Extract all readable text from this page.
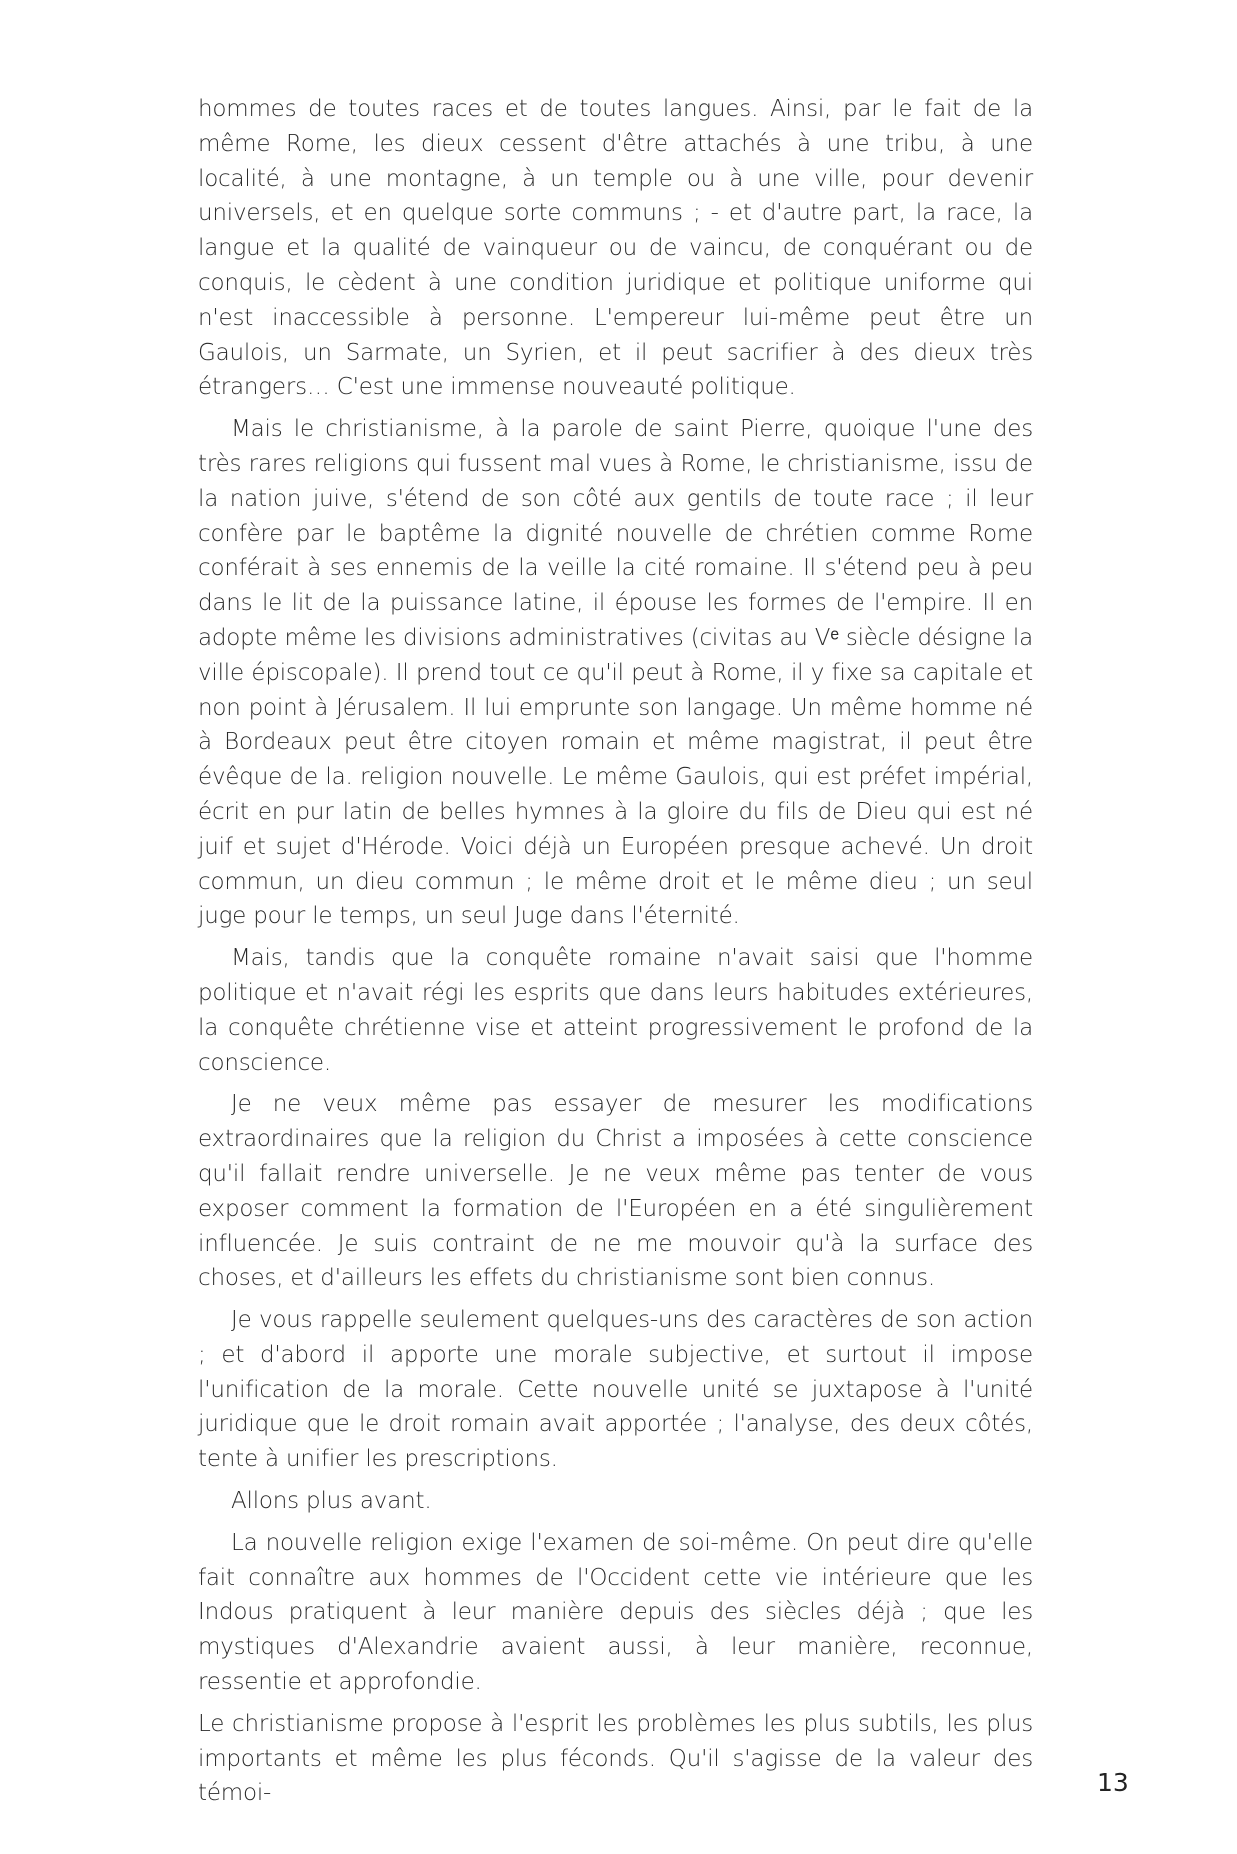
hommes de toutes races et de toutes langues. Ainsi, par le fait de la même Rome, les dieux cessent d'être attachés à une tribu, à une localité, à une montagne, à un temple ou à une ville, pour devenir universels, et en quelque sorte communs ; - et d'autre part, la race, la langue et la qualité de vainqueur ou de vaincu, de conquérant ou de conquis, le cèdent à une condition juridique et politique uniforme qui n'est inaccessible à personne. L'empereur lui-même peut être un Gaulois, un Sarmate, un Syrien, et il peut sacrifier à des dieux très étrangers… C'est une immense nouveauté politique.

Mais le christianisme, à la parole de saint Pierre, quoique l'une des très rares religions qui fussent mal vues à Rome, le christianisme, issu de la nation juive, s'étend de son côté aux gentils de toute race ; il leur confère par le baptême la dignité nouvelle de chrétien comme Rome conférait à ses ennemis de la veille la cité romaine. Il s'étend peu à peu dans le lit de la puissance latine, il épouse les formes de l'empire. Il en adopte même les divisions administratives (civitas au Vᵉ siècle désigne la ville épiscopale). Il prend tout ce qu'il peut à Rome, il y fixe sa capitale et non point à Jérusalem. Il lui emprunte son langage. Un même homme né à Bordeaux peut être citoyen romain et même magistrat, il peut être évêque de la. religion nouvelle. Le même Gaulois, qui est préfet impérial, écrit en pur latin de belles hymnes à la gloire du fils de Dieu qui est né juif et sujet d'Hérode. Voici déjà un Européen presque achevé. Un droit commun, un dieu commun ; le même droit et le même dieu ; un seul juge pour le temps, un seul Juge dans l'éternité.

Mais, tandis que la conquête romaine n'avait saisi que l'homme politique et n'avait régi les esprits que dans leurs habitudes extérieures, la conquête chrétienne vise et atteint progressivement le profond de la conscience.

Je ne veux même pas essayer de mesurer les modifications extraordinaires que la religion du Christ a imposées à cette conscience qu'il fallait rendre universelle. Je ne veux même pas tenter de vous exposer comment la formation de l'Européen en a été singulièrement influencée. Je suis contraint de ne me mouvoir qu'à la surface des choses, et d'ailleurs les effets du christianisme sont bien connus.

Je vous rappelle seulement quelques-uns des caractères de son action ; et d'abord il apporte une morale subjective, et surtout il impose l'unification de la morale. Cette nouvelle unité se juxtapose à l'unité juridique que le droit romain avait apportée ; l'analyse, des deux côtés, tente à unifier les prescriptions.

Allons plus avant.

La nouvelle religion exige l'examen de soi-même. On peut dire qu'elle fait connaître aux hommes de l'Occident cette vie intérieure que les Indous pratiquent à leur manière depuis des siècles déjà ; que les mystiques d'Alexandrie avaient aussi, à leur manière, reconnue, ressentie et approfondie.

Le christianisme propose à l'esprit les problèmes les plus subtils, les plus importants et même les plus féconds. Qu'il s'agisse de la valeur des témoi-	13
